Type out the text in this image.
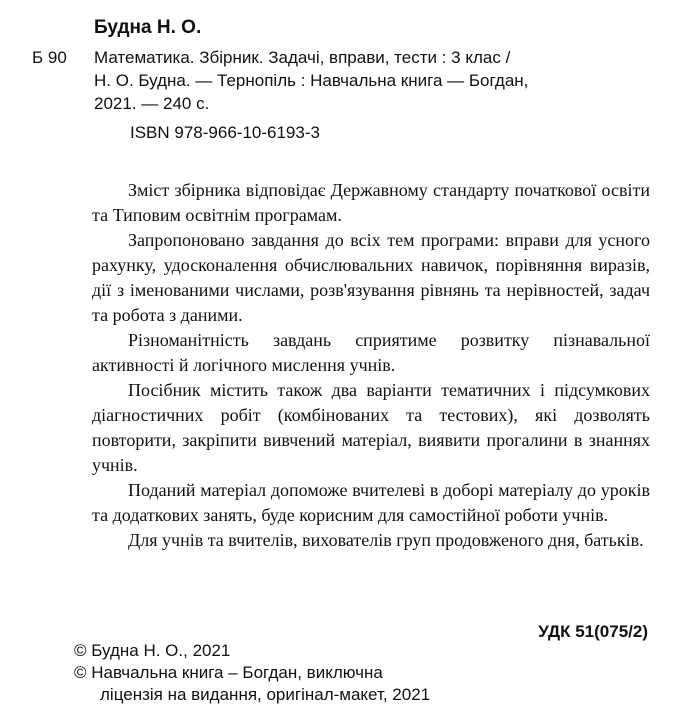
Будна Н. О.
Б 90 Математика. Збірник. Задачі, вправи, тести : 3 клас /

Н. О. Будна. — Тернопіль : Навчальна книга — Богдан,

2021. — 240 с.

ISBN 978-966-10-6193-3

Зміст збірника відповідає Державному стандарту початкової освіти та Типовим освітнім програмам.

Запропоновано завдання до всіх тем програми: вправи для усного рахунку, удосконалення обчислювальних навичок, порівняння виразів, дії з іменованими числами, розв'язування рівнянь та нерівностей, задач та робота з даними.

Різноманітність завдань сприятиме розвитку пізнавальної активності й логічного мислення учнів.

Посібник містить також два варіанти тематичних і підсумкових діагностичних робіт (комбінованих та тестових), які дозволять повторити, закріпити вивчений матеріал, виявити прогалини в знаннях учнів.

Поданий матеріал допоможе вчителеві в доборі матеріалу до уроків та додаткових занять, буде корисним для самостійної роботи учнів.

Для учнів та вчителів, вихователів груп продовженого дня, батьків.

УДК 51(075/2)
© Будна Н. О., 2021
© Навчальна книга – Богдан, виключна
ліцензія на видання, оригінал-макет, 2021
